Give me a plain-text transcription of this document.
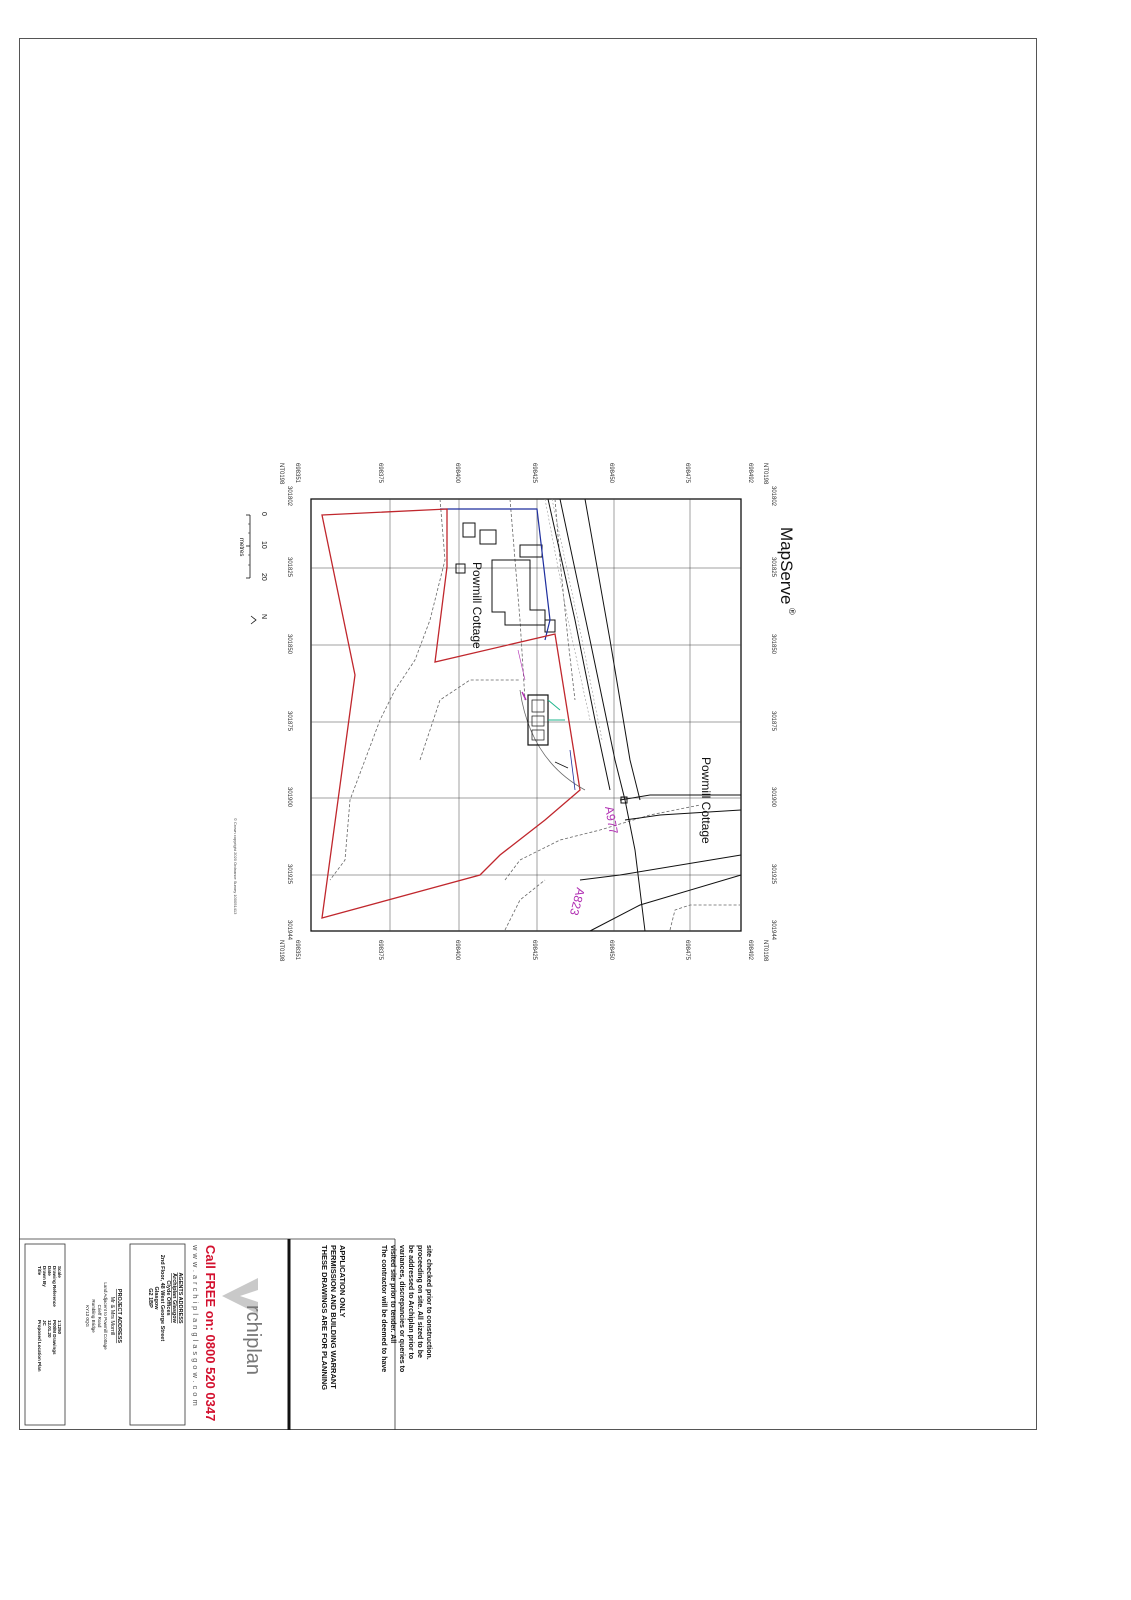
NT0198 698351	698375	698400	698425	698450	698475	698492 NT0198
NT0198 698351	698375	698400	698425	698450	698475	698492 NT0198
301802
301825
301850
301875
301900
301925
301944
301802
301825
301850
301875
301900
301925
301944
Powmill Cottage
Powmill Cottage
A977
A823
MapServe
®
0
10
20
metres
N
© Crown copyright 2020 Ordnance Survey 100051413
The contractor will be deemed to have visited site prior to tender. All variances, discrepancies or queries to be addressed to Archiplan prior to proceeding on site. All sized to be site checked prior to construction.
THESE DRAWINGS ARE FOR PLANNINGPERMISSION AND BUILDING WARRANTAPPLICATION ONLY
rchiplan
Call FREE on: 0800 520 0347
www.archiplanglasgow.com
AGENTS ADDRESS
Archiplan Glasgow
Clyde Offices
2nd Floor, 48 West George Street
Glasgow
G2 1BP
PROJECT ADDRESS
Mr & Mrs Morrill
Land Adjacent to Powmill Cottage
Crieff Road
Rumbling Bridge
KY13 0QG
Scale
1:1250
Drawing Reference
P00/M Drawings
Date
12.01.20
Drawn By
JC
Title
Proposed Location Plan
